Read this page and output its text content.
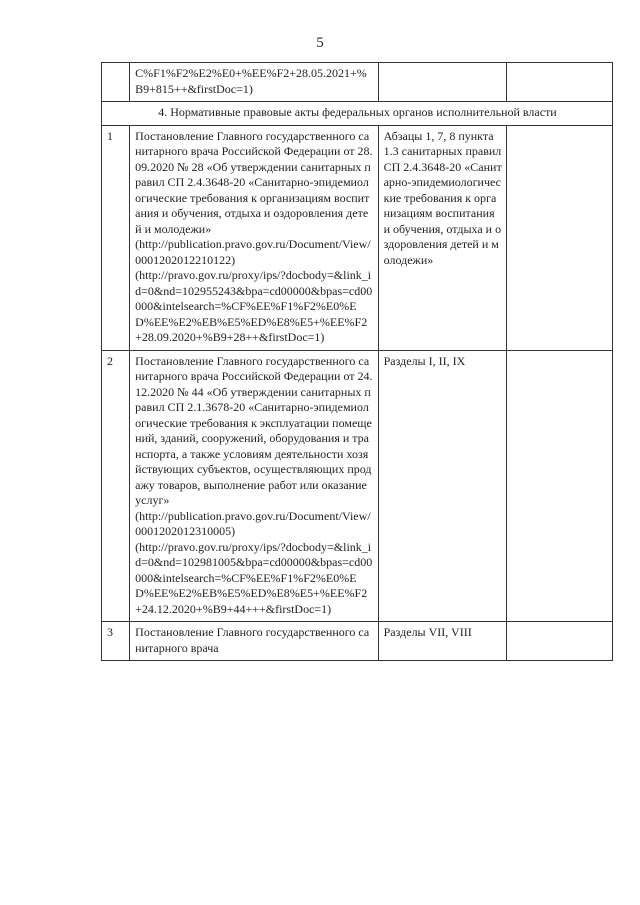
5

	C%F1%F2%E2%E0+%EE%F2+28.05.2021+%B9+815++&firstDoc=1)		

4. Нормативные правовые акты федеральных органов исполнительной власти			
1	Постановление Главного государственного санитарного врача Российской Федерации от 28.09.2020 № 28 «Об утверждении санитарных правил СП 2.4.3648-20 «Санитарно-эпидемиологические требования к организациям воспитания и обучения, отдыха и оздоровления детей и молодежи»
(http://publication.pravo.gov.ru/Document/View/0001202012210122)
(http://pravo.gov.ru/proxy/ips/?docbody=&link_id=0&nd=102955243&bpa=cd00000&bpas=cd00000&intelsearch=%CF%EE%F1%F2%E0%ED%EE%E2%EB%E5%ED%E8%E5+%EE%F2+28.09.2020+%B9+28++&firstDoc=1)	Абзацы 1, 7, 8 пункта 1.3 санитарных правил СП 2.4.3648-20 «Санитарно-эпидемиологические требования к организациям воспитания и обучения, отдыха и оздоровления детей и молодежи»	
2	Постановление Главного государственного санитарного врача Российской Федерации от 24.12.2020 № 44 «Об утверждении санитарных правил СП 2.1.3678-20 «Санитарно-эпидемиологические требования к эксплуатации помещений, зданий, сооружений, оборудования и транспорта, а также условиям деятельности хозяйствующих субъектов, осуществляющих продажу товаров, выполнение работ или оказание услуг»
(http://publication.pravo.gov.ru/Document/View/0001202012310005)
(http://pravo.gov.ru/proxy/ips/?docbody=&link_id=0&nd=102981005&bpa=cd00000&bpas=cd00000&intelsearch=%CF%EE%F1%F2%E0%ED%EE%E2%EB%E5%ED%E8%E5+%EE%F2+24.12.2020+%B9+44+++&firstDoc=1)	Разделы I, II, IX	
3	Постановление Главного государственного санитарного врача	Разделы VII, VIII	
